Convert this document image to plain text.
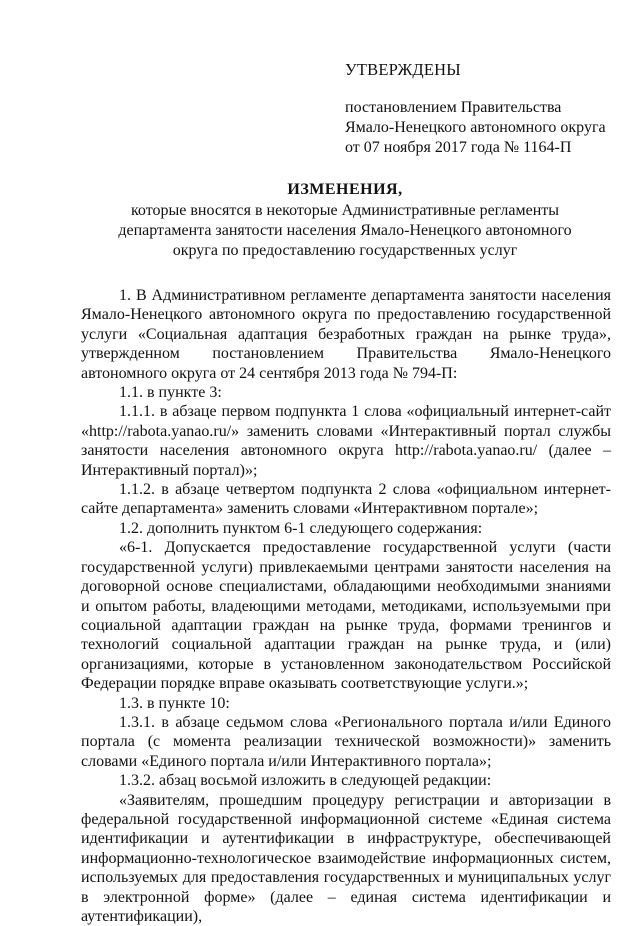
УТВЕРЖДЕНЫ
постановлением Правительства
Ямало-Ненецкого автономного округа
от 07 ноября 2017 года № 1164-П
ИЗМЕНЕНИЯ,
которые вносятся в некоторые Административные регламенты
департамента занятости населения Ямало-Ненецкого автономного
округа по предоставлению государственных услуг

1. В Административном регламенте департамента занятости населения Ямало-Ненецкого автономного округа по предоставлению государственной услуги «Социальная адаптация безработных граждан на рынке труда», утвержденном постановлением Правительства Ямало-Ненецкого автономного округа от 24 сентября 2013 года № 794-П:

1.1. в пункте 3:

1.1.1. в абзаце первом подпункта 1 слова «официальный интернет-сайт «http://rabota.yanao.ru/» заменить словами «Интерактивный портал службы занятости населения автономного округа http://rabota.yanao.ru/ (далее – Интерактивный портал)»;

1.1.2. в абзаце четвертом подпункта 2 слова «официальном интернет-сайте департамента» заменить словами «Интерактивном портале»;

1.2. дополнить пунктом 6-1 следующего содержания:

«6-1. Допускается предоставление государственной услуги (части государственной услуги) привлекаемыми центрами занятости населения на договорной основе специалистами, обладающими необходимыми знаниями и опытом работы, владеющими методами, методиками, используемыми при социальной адаптации граждан на рынке труда, формами тренингов и технологий социальной адаптации граждан на рынке труда, и (или) организациями, которые в установленном законодательством Российской Федерации порядке вправе оказывать соответствующие услуги.»;

1.3. в пункте 10:

1.3.1. в абзаце седьмом слова «Регионального портала и/или Единого портала (с момента реализации технической возможности)» заменить словами «Единого портала и/или Интерактивного портала»;

1.3.2. абзац восьмой изложить в следующей редакции:

«Заявителям, прошедшим процедуру регистрации и авторизации в федеральной государственной информационной системе «Единая система идентификации и аутентификации в инфраструктуре, обеспечивающей информационно-технологическое взаимодействие информационных систем, используемых для предоставления государственных и муниципальных услуг в электронной форме» (далее – единая система идентификации и аутентификации),
